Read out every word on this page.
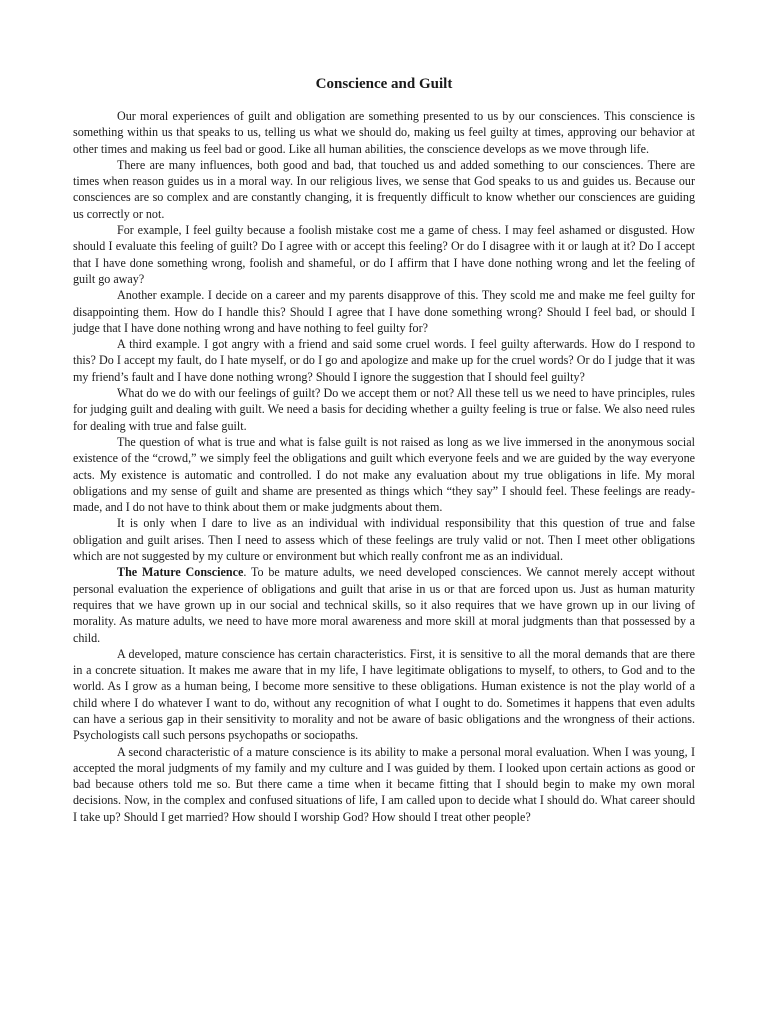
Conscience and Guilt

Our moral experiences of guilt and obligation are something presented to us by our consciences. This conscience is something within us that speaks to us, telling us what we should do, making us feel guilty at times, approving our behavior at other times and making us feel bad or good. Like all human abilities, the conscience develops as we move through life.

There are many influences, both good and bad, that touched us and added something to our consciences. There are times when reason guides us in a moral way. In our religious lives, we sense that God speaks to us and guides us. Because our consciences are so complex and are constantly changing, it is frequently difficult to know whether our consciences are guiding us correctly or not.

For example, I feel guilty because a foolish mistake cost me a game of chess. I may feel ashamed or disgusted. How should I evaluate this feeling of guilt? Do I agree with or accept this feeling? Or do I disagree with it or laugh at it? Do I accept that I have done something wrong, foolish and shameful, or do I affirm that I have done nothing wrong and let the feeling of guilt go away?

Another example. I decide on a career and my parents disapprove of this. They scold me and make me feel guilty for disappointing them. How do I handle this? Should I agree that I have done something wrong? Should I feel bad, or should I judge that I have done nothing wrong and have nothing to feel guilty for?

A third example. I got angry with a friend and said some cruel words. I feel guilty afterwards. How do I respond to this? Do I accept my fault, do I hate myself, or do I go and apologize and make up for the cruel words? Or do I judge that it was my friend’s fault and I have done nothing wrong? Should I ignore the suggestion that I should feel guilty?

What do we do with our feelings of guilt? Do we accept them or not? All these tell us we need to have principles, rules for judging guilt and dealing with guilt. We need a basis for deciding whether a guilty feeling is true or false. We also need rules for dealing with true and false guilt.

The question of what is true and what is false guilt is not raised as long as we live immersed in the anonymous social existence of the “crowd,” we simply feel the obligations and guilt which everyone feels and we are guided by the way everyone acts. My existence is automatic and controlled. I do not make any evaluation about my true obligations in life. My moral obligations and my sense of guilt and shame are presented as things which “they say” I should feel. These feelings are ready-made, and I do not have to think about them or make judgments about them.

It is only when I dare to live as an individual with individual responsibility that this question of true and false obligation and guilt arises. Then I need to assess which of these feelings are truly valid or not. Then I meet other obligations which are not suggested by my culture or environment but which really confront me as an individual.

The Mature Conscience. To be mature adults, we need developed consciences. We cannot merely accept without personal evaluation the experience of obligations and guilt that arise in us or that are forced upon us. Just as human maturity requires that we have grown up in our social and technical skills, so it also requires that we have grown up in our living of morality. As mature adults, we need to have more moral awareness and more skill at moral judgments than that possessed by a child.

A developed, mature conscience has certain characteristics. First, it is sensitive to all the moral demands that are there in a concrete situation. It makes me aware that in my life, I have legitimate obligations to myself, to others, to God and to the world. As I grow as a human being, I become more sensitive to these obligations. Human existence is not the play world of a child where I do whatever I want to do, without any recognition of what I ought to do. Sometimes it happens that even adults can have a serious gap in their sensitivity to morality and not be aware of basic obligations and the wrongness of their actions. Psychologists call such persons psychopaths or sociopaths.

A second characteristic of a mature conscience is its ability to make a personal moral evaluation. When I was young, I accepted the moral judgments of my family and my culture and I was guided by them. I looked upon certain actions as good or bad because others told me so. But there came a time when it became fitting that I should begin to make my own moral decisions. Now, in the complex and confused situations of life, I am called upon to decide what I should do. What career should I take up? Should I get married? How should I worship God? How should I treat other people?
